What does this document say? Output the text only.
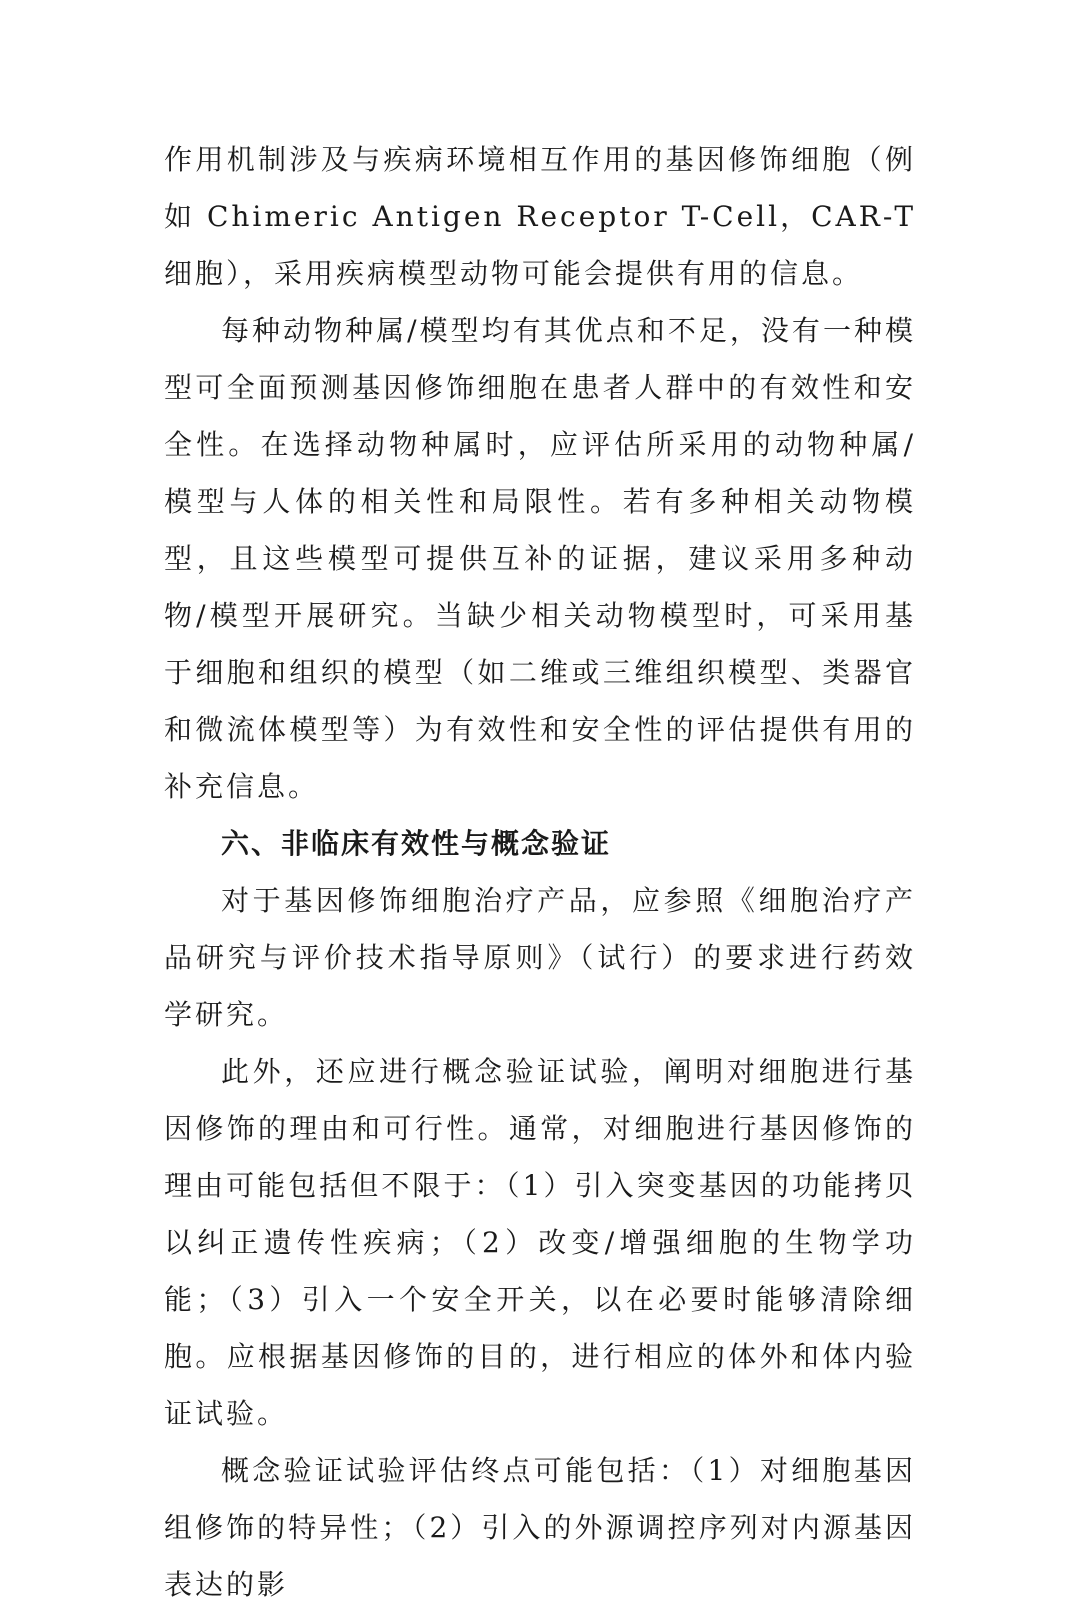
作用机制涉及与疾病环境相互作用的基因修饰细胞（例如 Chimeric Antigen Receptor T-Cell，CAR-T 细胞），采用疾病模型动物可能会提供有用的信息。

每种动物种属/模型均有其优点和不足，没有一种模型可全面预测基因修饰细胞在患者人群中的有效性和安全性。在选择动物种属时，应评估所采用的动物种属/模型与人体的相关性和局限性。若有多种相关动物模型，且这些模型可提供互补的证据，建议采用多种动物/模型开展研究。当缺少相关动物模型时，可采用基于细胞和组织的模型（如二维或三维组织模型、类器官和微流体模型等）为有效性和安全性的评估提供有用的补充信息。

六、非临床有效性与概念验证

对于基因修饰细胞治疗产品，应参照《细胞治疗产品研究与评价技术指导原则》（试行）的要求进行药效学研究。

此外，还应进行概念验证试验，阐明对细胞进行基因修饰的理由和可行性。通常，对细胞进行基因修饰的理由可能包括但不限于：（1）引入突变基因的功能拷贝以纠正遗传性疾病；（2）改变/增强细胞的生物学功能；（3）引入一个安全开关，以在必要时能够清除细胞。应根据基因修饰的目的，进行相应的体外和体内验证试验。

概念验证试验评估终点可能包括：（1）对细胞基因组修饰的特异性；（2）引入的外源调控序列对内源基因表达的影
